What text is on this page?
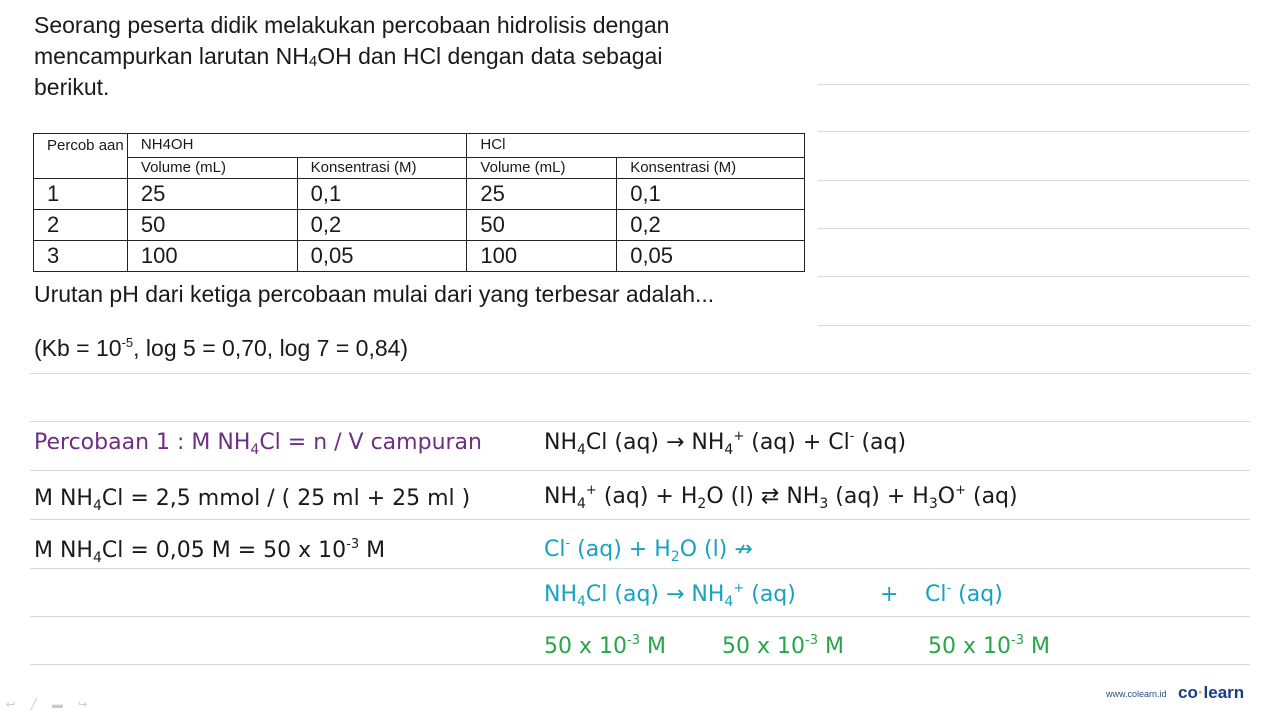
Seorang peserta didik melakukan percobaan hidrolisis dengan
mencampurkan larutan $NH_4OH$ dan HCl dengan data sebagai
berikut.
Percob aan	NH4OH		HCl	
	Volume (mL)	Konsentrasi (M)	Volume (mL)	Konsentrasi (M)
1	25	0,1	25	0,1
2	50	0,2	50	0,2
3	100	0,05	100	0,05
Urutan pH dari ketiga percobaan mulai dari yang terbesar adalah...
($Kb = 10^{-5}$, log 5 = 0,70, log 7 = 0,84)
Percobaan 1 : M $NH_4Cl = n / V$ campuran
M $NH_4Cl = 2,5$ mmol / ( 25 ml + 25 ml )
M $NH_4Cl = 0,05$ M = 50 x $10^{-3}$ M
$NH_4Cl$ $(aq) \to NH_4^+$ (aq) + Cl- (aq)
$NH_4^+$ $(aq) + H_2O$ (l) ⇄ $NH_3$ $(aq) + H_3O^+$ (aq)
Cl- $(aq) + H_2O$ (l) ↛
$NH_4Cl$ $(aq) \to NH_4^+$ (aq)	+ Cl- (aq)
50 x $10^{-3}$ M	50 x $10^{-3}$ M	50 x $10^{-3}$ M
↩ ╱ ▬ ↪
www.colearn.id co·learn
